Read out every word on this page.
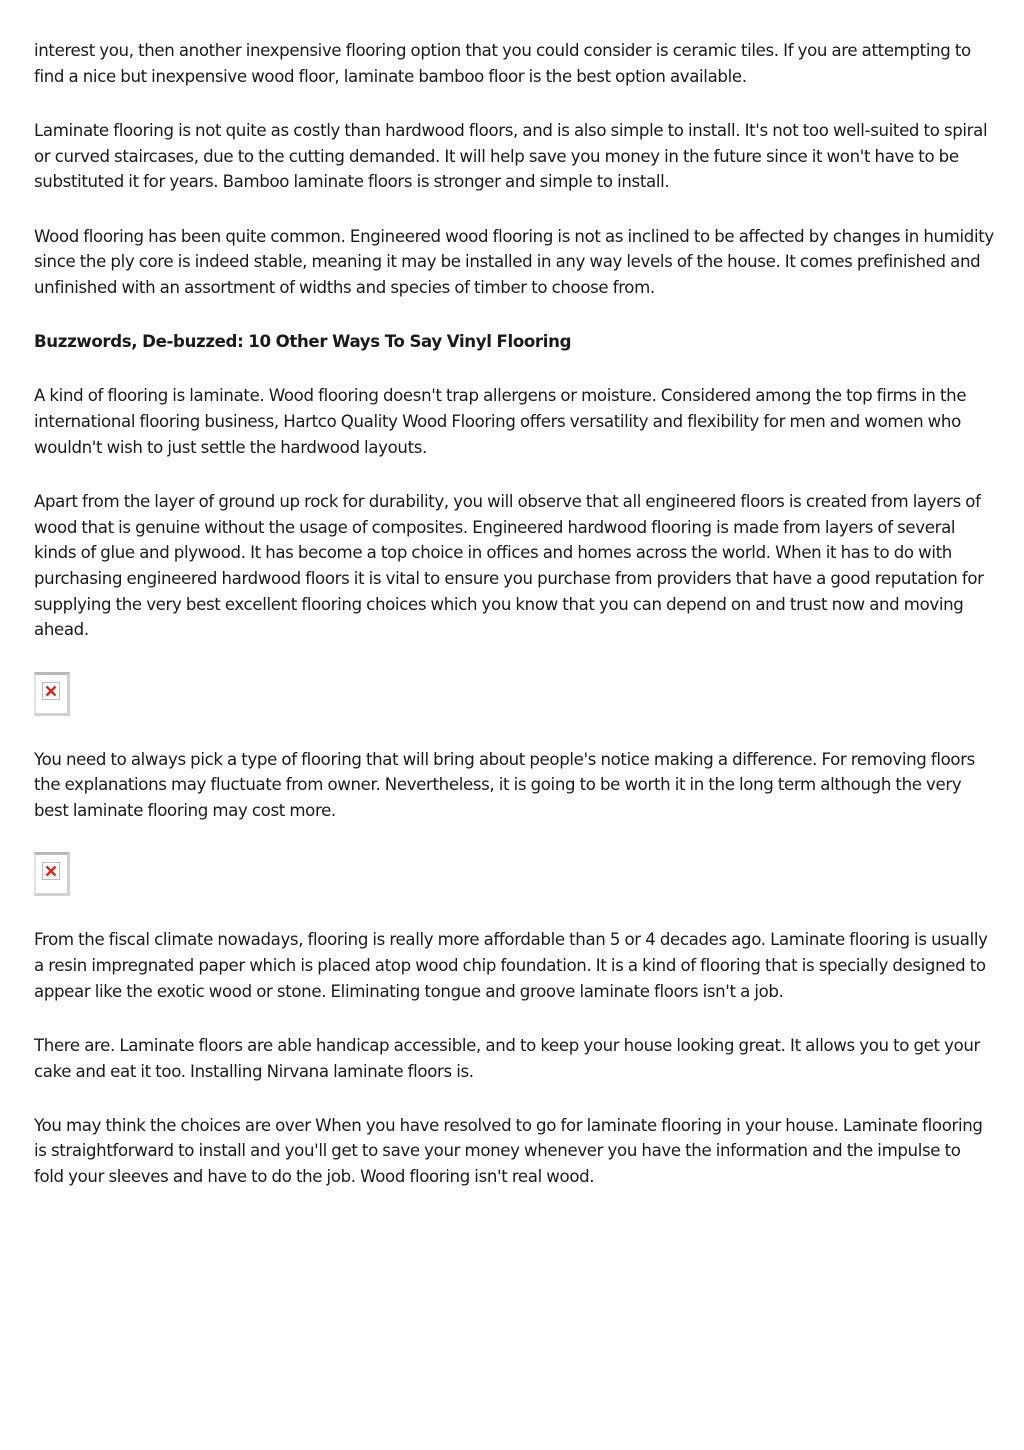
interest you, then another inexpensive flooring option that you could consider is ceramic tiles. If you are attempting to find a nice but inexpensive wood floor, laminate bamboo floor is the best option available.

Laminate flooring is not quite as costly than hardwood floors, and is also simple to install. It's not too well-suited to spiral or curved staircases, due to the cutting demanded. It will help save you money in the future since it won't have to be substituted it for years. Bamboo laminate floors is stronger and simple to install.

Wood flooring has been quite common. Engineered wood flooring is not as inclined to be affected by changes in humidity since the ply core is indeed stable, meaning it may be installed in any way levels of the house. It comes prefinished and unfinished with an assortment of widths and species of timber to choose from.

Buzzwords, De-buzzed: 10 Other Ways To Say Vinyl Flooring

A kind of flooring is laminate. Wood flooring doesn't trap allergens or moisture. Considered among the top firms in the international flooring business, Hartco Quality Wood Flooring offers versatility and flexibility for men and women who wouldn't wish to just settle the hardwood layouts.

Apart from the layer of ground up rock for durability, you will observe that all engineered floors is created from layers of wood that is genuine without the usage of composites. Engineered hardwood flooring is made from layers of several kinds of glue and plywood. It has become a top choice in offices and homes across the world. When it has to do with purchasing engineered hardwood floors it is vital to ensure you purchase from providers that have a good reputation for supplying the very best excellent flooring choices which you know that you can depend on and trust now and moving ahead.

You need to always pick a type of flooring that will bring about people's notice making a difference. For removing floors the explanations may fluctuate from owner. Nevertheless, it is going to be worth it in the long term although the very best laminate flooring may cost more.

From the fiscal climate nowadays, flooring is really more affordable than 5 or 4 decades ago. Laminate flooring is usually a resin impregnated paper which is placed atop wood chip foundation. It is a kind of flooring that is specially designed to appear like the exotic wood or stone. Eliminating tongue and groove laminate floors isn't a job.

There are. Laminate floors are able handicap accessible, and to keep your house looking great. It allows you to get your cake and eat it too. Installing Nirvana laminate floors is.

You may think the choices are over When you have resolved to go for laminate flooring in your house. Laminate flooring is straightforward to install and you'll get to save your money whenever you have the information and the impulse to fold your sleeves and have to do the job. Wood flooring isn't real wood.
